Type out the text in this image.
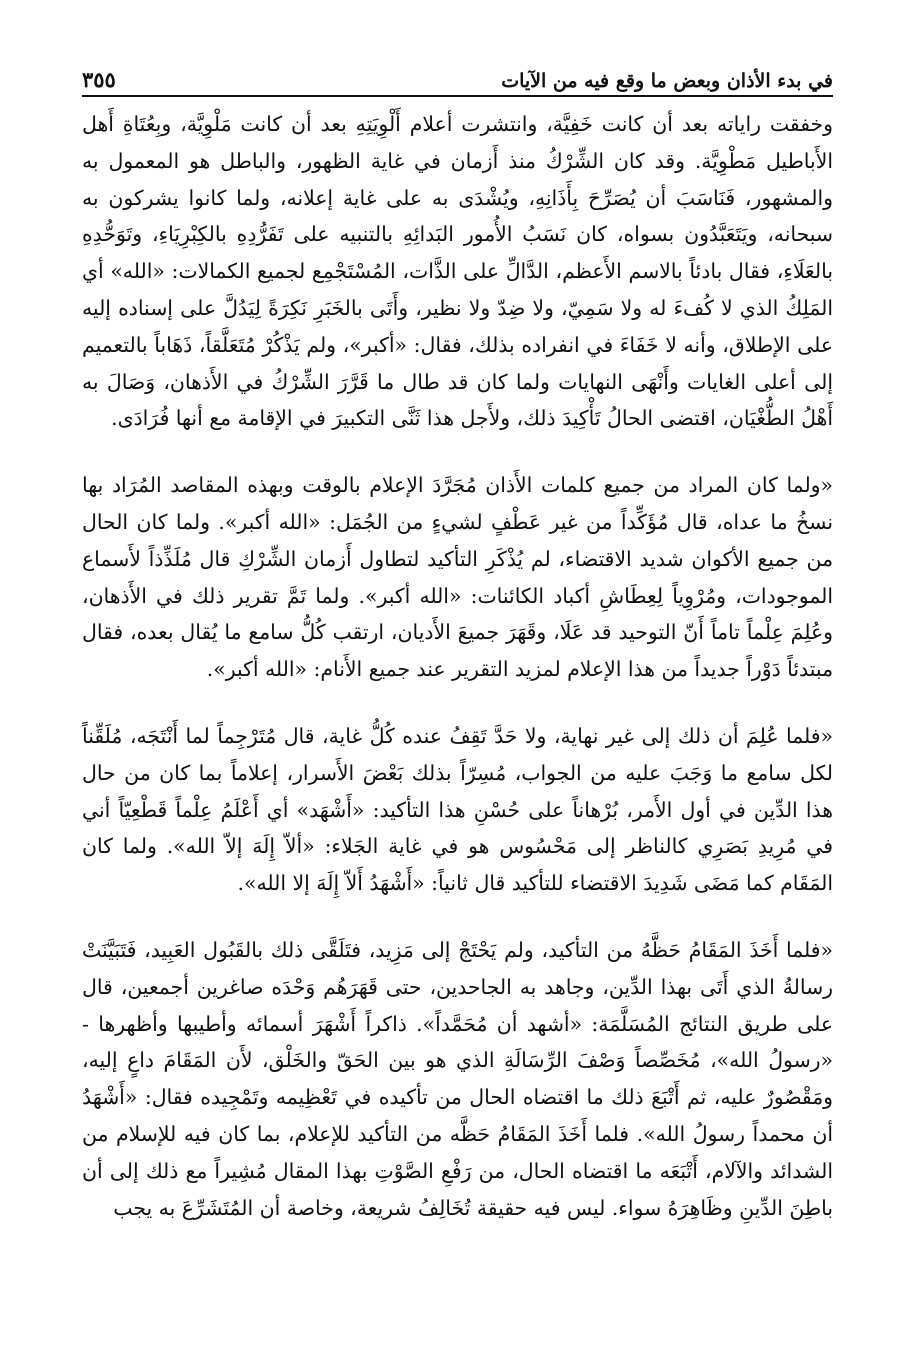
في بدء الأذان وبعض ما وقع فيه من الآيات
٣٥٥

وخفقت راياته بعد أن كانت خَفِيَّة، وانتشرت أعلام أَلْوِيَتِهِ بعد أن كانت مَلْوِيَّة، وبِعُتَاةِ أَهل الأَباطيل مَطْوِيَّة. وقد كان الشِّرْكُ منذ أَزمان في غاية الظهور، والباطل هو المعمول به والمشهور، فَنَاسَبَ أن يُصَرِّحَ بِأَذَانِهِ، ويُشْدَى به على غاية إعلانه، ولما كانوا يشركون به سبحانه، ويَتَعَبَّدُون بسواه، كان نَسَبُ الأُمور البَدائِهِ بالتنبيه على تَفَرُّدِهِ بالكِبْرِيَاءِ، وتَوَحُّدِهِ بالعَلَاءِ، فقال بادئاً بالاسم الأَعظم، الدَّالِّ على الذَّات، المُسْتَجْمِع لجميع الكمالات: «الله» أي المَلِكُ الذي لا كُفءَ له ولا سَمِيّ، ولا ضِدّ ولا نظير، وأَتَى بالخَبَرِ نَكِرَةً لِيَدُلَّ على إسناده إليه على الإطلاق، وأنه لا خَفَاءَ في انفراده بذلك، فقال: «أكبر»، ولم يَذْكُرْ مُتَعَلَّقاً، ذَهَاباً بالتعميم إلى أعلى الغايات وأَنْهَى النهايات ولما كان قد طال ما قَرَّرَ الشِّرْكُ في الأَذهان، وَصَالَ به أَهْلُ الطُّغْيَان، اقتضى الحالُ تَأْكِيدَ ذلك، ولأَجل هذا ثَنَّى التكبيرَ في الإقامة مع أنها فُرَادَى.

«ولما كان المراد من جميع كلمات الأَذان مُجَرَّدَ الإعلام بالوقت وبهذه المقاصد المُرَاد بها نسخُ ما عداه، قال مُؤَكِّداً من غير عَطْفٍ لشيءٍ من الجُمَل: «الله أكبر». ولما كان الحال من جميع الأكوان شديد الاقتضاء، لم يُذْكَرِ التأكيد لتطاول أَزمان الشِّرْكِ قال مُلَذِّذاً لأَسماع الموجودات، ومُرْوِياً لِعِطَاشِ أكباد الكائنات: «الله أكبر». ولما تَمَّ تقرير ذلك في الأَذهان، وعُلِمَ عِلْماً تاماً أَنّ التوحيد قد عَلَا، وقَهَرَ جميعَ الأَديان، ارتقب كُلُّ سامع ما يُقال بعده، فقال مبتدئاً دَوْراً جديداً من هذا الإعلام لمزيد التقرير عند جميع الأَنام: «الله أكبر».

«فلما عُلِمَ أن ذلك إلى غير نهاية، ولا حَدَّ تَقِفُ عنده كُلُّ غاية، قال مُتَرْجِماً لما أَنْتَجَه، مُلَقِّناً لكل سامع ما وَجَبَ عليه من الجواب، مُسِرّاً بذلك بَعْضَ الأَسرار، إعلاماً بما كان من حال هذا الدِّين في أول الأَمر، بُرْهاناً على حُسْنِ هذا التأكيد: «أَشْهَد» أي أَعْلَمُ عِلْماً قَطْعِيّاً أني في مُرِيدِ بَصَرِي كالناظر إلى مَحْسُوس هو في غاية الجَلاء: «ألاّ إِلَهَ إلاّ الله». ولما كان المَقَام كما مَضَى شَدِيدَ الاقتضاء للتأكيد قال ثانياً: «أَشْهَدُ أَلاّ إِلَهَ إلا الله».

«فلما أَخَذَ المَقَامُ حَظَّهُ من التأكيد، ولم يَحْتَجْ إلى مَزِيد، فتَلَقَّى ذلك بالقَبُول العَبِيد، فَتَبَيَّنَتْ رسالةُ الذي أَتَى بهذا الدِّين، وجاهد به الجاحدين، حتى قَهَرَهُم وَحْدَه صاغرين أجمعين، قال على طريق النتائج المُسَلَّمَة: «أشهد أن مُحَمَّداً». ذاكراً أَشْهَرَ أسمائه وأطيبها وأظهرها - «رسولُ الله»، مُخَصِّصاً وَصْفَ الرِّسَالَةِ الذي هو بين الحَقّ والخَلْق، لأَن المَقَامَ داعٍ إليه، ومَقْصُورٌ عليه، ثم أَتْبَعَ ذلك ما اقتضاه الحال من تأكيده في تَعْظِيمه وتَمْجِيده فقال: «أَشْهَدُ أن محمداً رسولُ الله». فلما أَخَذَ المَقَامُ حَظَّه من التأكيد للإعلام، بما كان فيه للإسلام من الشدائد والآلام، أَتْبَعَه ما اقتضاه الحال، من رَفْعِ الصَّوْتِ بهذا المقال مُشِيراً مع ذلك إلى أن باطِنَ الدِّينِ وظَاهِرَهُ سواء. ليس فيه حقيقة تُخَالِفُ شريعة، وخاصة أن المُتَشَرِّعَ به يجب
